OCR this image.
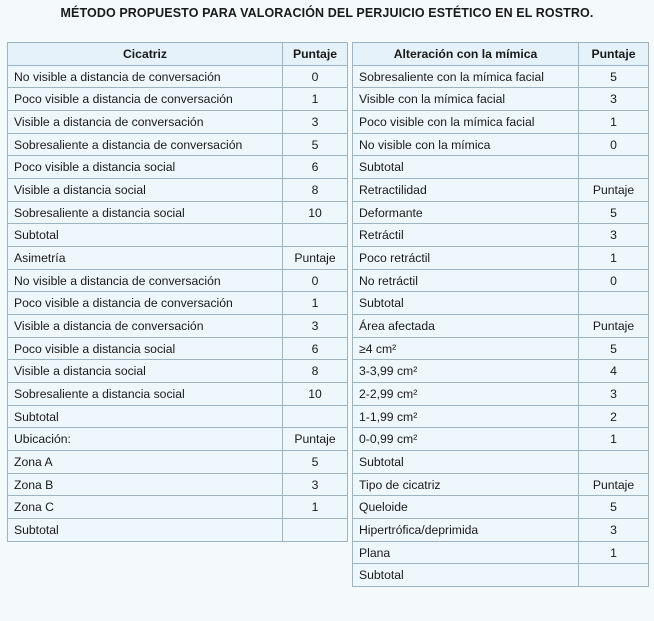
MÉTODO PROPUESTO PARA VALORACIÓN DEL PERJUICIO ESTÉTICO EN EL ROSTRO.
Cicatriz	Puntaje
No visible a distancia de conversación	0
Poco visible a distancia de conversación	1
Visible a distancia de conversación	3
Sobresaliente a distancia de conversación	5
Poco visible a distancia social	6
Visible a distancia social	8
Sobresaliente a distancia social	10
Subtotal	
Asimetría	Puntaje
No visible a distancia de conversación	0
Poco visible a distancia de conversación	1
Visible a distancia de conversación	3
Poco visible a distancia social	6
Visible a distancia social	8
Sobresaliente a distancia social	10
Subtotal	
Ubicación:	Puntaje
Zona A	5
Zona B	3
Zona C	1
Subtotal	
Alteración con la mímica	Puntaje
Sobresaliente con la mímica facial	5
Visible con la mímica facial	3
Poco visible con la mímica facial	1
No visible con la mímica	0
Subtotal	
Retractilidad	Puntaje
Deformante	5
Retráctil	3
Poco retráctil	1
No retráctil	0
Subtotal	
Área afectada	Puntaje
≥4 cm²	5
3-3,99 cm²	4
2-2,99 cm²	3
1-1,99 cm²	2
0-0,99 cm²	1
Subtotal	
Tipo de cicatriz	Puntaje
Queloide	5
Hipertrófica/deprimida	3
Plana	1
Subtotal	
